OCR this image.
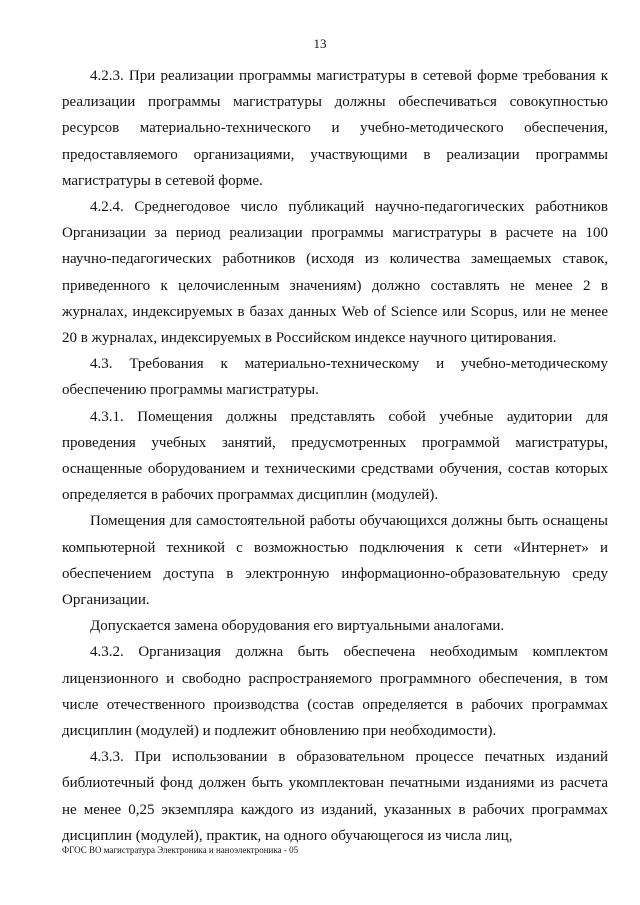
13

4.2.3. При реализации программы магистратуры в сетевой форме требования к реализации программы магистратуры должны обеспечиваться совокупностью ресурсов материально-технического и учебно-методического обеспечения, предоставляемого организациями, участвующими в реализации программы магистратуры в сетевой форме.

4.2.4. Среднегодовое число публикаций научно-педагогических работников Организации за период реализации программы магистратуры в расчете на 100 научно-педагогических работников (исходя из количества замещаемых ставок, приведенного к целочисленным значениям) должно составлять не менее 2 в журналах, индексируемых в базах данных Web of Science или Scopus, или не менее 20 в журналах, индексируемых в Российском индексе научного цитирования.

4.3. Требования к материально-техническому и учебно-методическому обеспечению программы магистратуры.

4.3.1. Помещения должны представлять собой учебные аудитории для проведения учебных занятий, предусмотренных программой магистратуры, оснащенные оборудованием и техническими средствами обучения, состав которых определяется в рабочих программах дисциплин (модулей).

Помещения для самостоятельной работы обучающихся должны быть оснащены компьютерной техникой с возможностью подключения к сети «Интернет» и обеспечением доступа в электронную информационно-образовательную среду Организации.

Допускается замена оборудования его виртуальными аналогами.

4.3.2. Организация должна быть обеспечена необходимым комплектом лицензионного и свободно распространяемого программного обеспечения, в том числе отечественного производства (состав определяется в рабочих программах дисциплин (модулей) и подлежит обновлению при необходимости).

4.3.3. При использовании в образовательном процессе печатных изданий библиотечный фонд должен быть укомплектован печатными изданиями из расчета не менее 0,25 экземпляра каждого из изданий, указанных в рабочих программах дисциплин (модулей), практик, на одного обучающегося из числа лиц,

ФГОС ВО магистратура Электроника и наноэлектроника - 05
